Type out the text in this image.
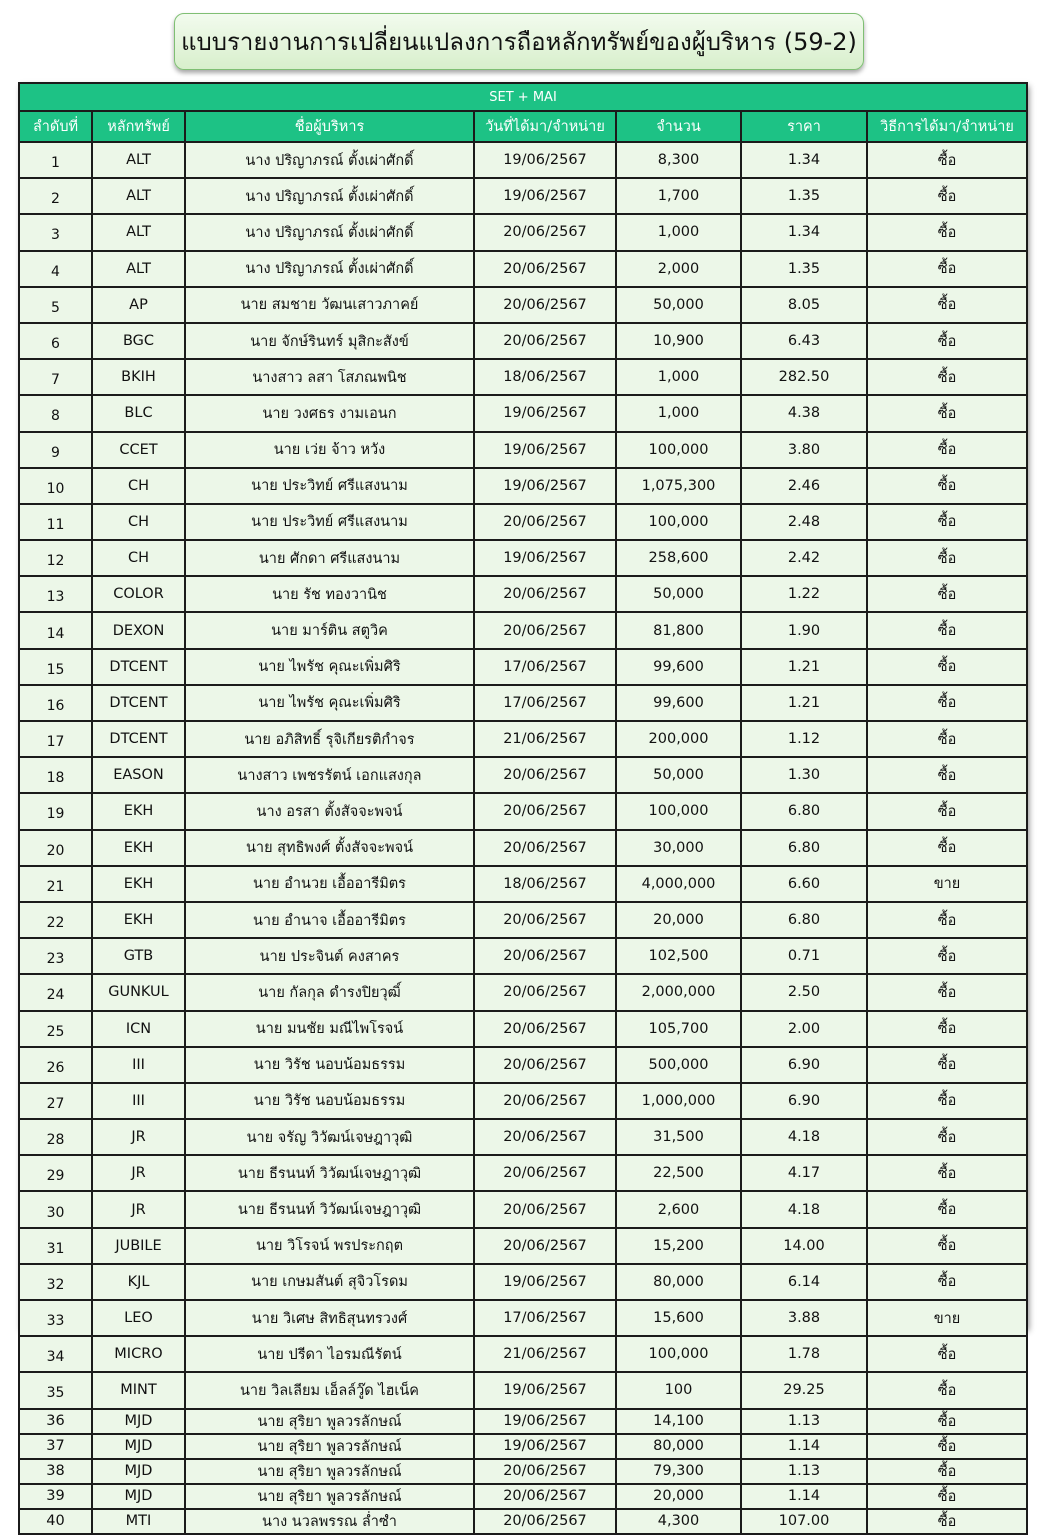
แบบรายงานการเปลี่ยนแปลงการถือหลักทรัพย์ของผู้บริหาร (59-2)
SET + MAI						
ลำดับที่	หลักทรัพย์	ชื่อผู้บริหาร	วันที่ได้มา/จำหน่าย	จำนวน	ราคา	วิธีการได้มา/จำหน่าย
1	ALT	นาง ปริญาภรณ์ ตั้งเผ่าศักดิ์	19/06/2567	8,300	1.34	ซื้อ
2	ALT	นาง ปริญาภรณ์ ตั้งเผ่าศักดิ์	19/06/2567	1,700	1.35	ซื้อ
3	ALT	นาง ปริญาภรณ์ ตั้งเผ่าศักดิ์	20/06/2567	1,000	1.34	ซื้อ
4	ALT	นาง ปริญาภรณ์ ตั้งเผ่าศักดิ์	20/06/2567	2,000	1.35	ซื้อ
5	AP	นาย สมชาย วัฒนเสาวภาคย์	20/06/2567	50,000	8.05	ซื้อ
6	BGC	นาย จักษ์รินทร์ มุสิกะสังข์	20/06/2567	10,900	6.43	ซื้อ
7	BKIH	นางสาว ลสา โสภณพนิช	18/06/2567	1,000	282.50	ซื้อ
8	BLC	นาย วงศธร งามเอนก	19/06/2567	1,000	4.38	ซื้อ
9	CCET	นาย เว่ย จ้าว หวัง	19/06/2567	100,000	3.80	ซื้อ
10	CH	นาย ประวิทย์ ศรีแสงนาม	19/06/2567	1,075,300	2.46	ซื้อ
11	CH	นาย ประวิทย์ ศรีแสงนาม	20/06/2567	100,000	2.48	ซื้อ
12	CH	นาย ศักดา ศรีแสงนาม	19/06/2567	258,600	2.42	ซื้อ
13	COLOR	นาย รัช ทองวานิช	20/06/2567	50,000	1.22	ซื้อ
14	DEXON	นาย มาร์ติน สตูวิค	20/06/2567	81,800	1.90	ซื้อ
15	DTCENT	นาย ไพรัช คุณะเพิ่มศิริ	17/06/2567	99,600	1.21	ซื้อ
16	DTCENT	นาย ไพรัช คุณะเพิ่มศิริ	17/06/2567	99,600	1.21	ซื้อ
17	DTCENT	นาย อภิสิทธิ์ รุจิเกียรติกำจร	21/06/2567	200,000	1.12	ซื้อ
18	EASON	นางสาว เพชรรัตน์ เอกแสงกุล	20/06/2567	50,000	1.30	ซื้อ
19	EKH	นาง อรสา ตั้งสัจจะพจน์	20/06/2567	100,000	6.80	ซื้อ
20	EKH	นาย สุทธิพงศ์ ตั้งสัจจะพจน์	20/06/2567	30,000	6.80	ซื้อ
21	EKH	นาย อำนวย เอื้ออารีมิตร	18/06/2567	4,000,000	6.60	ขาย
22	EKH	นาย อำนาจ เอื้ออารีมิตร	20/06/2567	20,000	6.80	ซื้อ
23	GTB	นาย ประจินต์ คงสาคร	20/06/2567	102,500	0.71	ซื้อ
24	GUNKUL	นาย กัลกุล ดำรงปิยวุฒิ์	20/06/2567	2,000,000	2.50	ซื้อ
25	ICN	นาย มนชัย มณีไพโรจน์	20/06/2567	105,700	2.00	ซื้อ
26	III	นาย วิรัช นอบน้อมธรรม	20/06/2567	500,000	6.90	ซื้อ
27	III	นาย วิรัช นอบน้อมธรรม	20/06/2567	1,000,000	6.90	ซื้อ
28	JR	นาย จรัญ วิวัฒน์เจษฎาวุฒิ	20/06/2567	31,500	4.18	ซื้อ
29	JR	นาย ธีรนนท์ วิวัฒน์เจษฎาวุฒิ	20/06/2567	22,500	4.17	ซื้อ
30	JR	นาย ธีรนนท์ วิวัฒน์เจษฎาวุฒิ	20/06/2567	2,600	4.18	ซื้อ
31	JUBILE	นาย วิโรจน์ พรประกฤต	20/06/2567	15,200	14.00	ซื้อ
32	KJL	นาย เกษมสันต์ สุจิวโรดม	19/06/2567	80,000	6.14	ซื้อ
33	LEO	นาย วิเศษ สิทธิสุนทรวงศ์	17/06/2567	15,600	3.88	ขาย
34	MICRO	นาย ปรีดา ไอรมณีรัตน์	21/06/2567	100,000	1.78	ซื้อ
35	MINT	นาย วิลเลียม เอ็ลล์วู๊ด ไฮเน็ค	19/06/2567	100	29.25	ซื้อ
36	MJD	นาย สุริยา พูลวรลักษณ์	19/06/2567	14,100	1.13	ซื้อ
37	MJD	นาย สุริยา พูลวรลักษณ์	19/06/2567	80,000	1.14	ซื้อ
38	MJD	นาย สุริยา พูลวรลักษณ์	20/06/2567	79,300	1.13	ซื้อ
39	MJD	นาย สุริยา พูลวรลักษณ์	20/06/2567	20,000	1.14	ซื้อ
40	MTI	นาง นวลพรรณ ล่ำซำ	20/06/2567	4,300	107.00	ซื้อ
